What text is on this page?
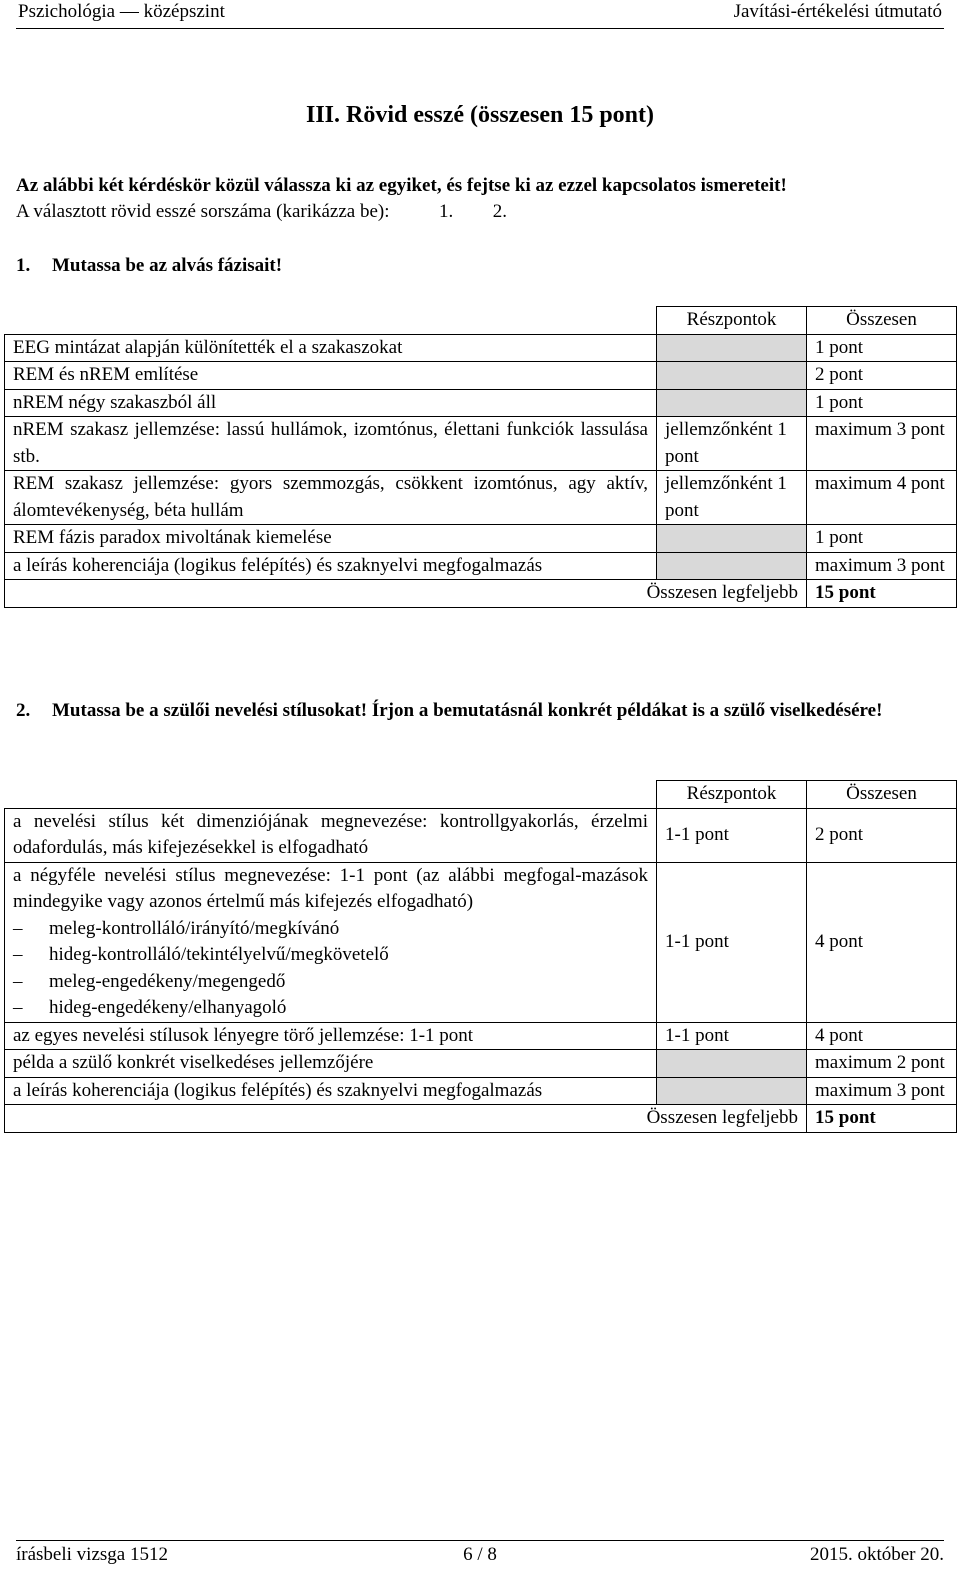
Pszichológia — középszint	Javítási-értékelési útmutató
III. Rövid esszé (összesen 15 pont)
Az alábbi két kérdéskör közül válassza ki az egyiket, és fejtse ki az ezzel kapcsolatos ismereteit!
A választott rövid esszé sorszáma (karikázza be):	1. 2.
1. Mutassa be az alvás fázisait!
	Részpontok	Összesen
EEG mintázat alapján különítették el a szakaszokat		1 pont
REM és nREM említése		2 pont
nREM négy szakaszból áll		1 pont
nREM szakasz jellemzése: lassú hullámok, izomtónus, élettani funkciók lassulása stb.	jellemzőnként 1 pont	maximum 3 pont
REM szakasz jellemzése: gyors szemmozgás, csökkent izomtónus, agy aktív, álomtevékenység, béta hullám	jellemzőnként 1 pont	maximum 4 pont
REM fázis paradox mivoltának kiemelése		1 pont
a leírás koherenciája (logikus felépítés) és szaknyelvi megfogalmazás		maximum 3 pont
Összesen legfeljebb		15 pont
2. Mutassa be a szülői nevelési stílusokat! Írjon a bemutatásnál konkrét példákat is a szülő viselkedésére!
	Részpontok	Összesen
a nevelési stílus két dimenziójának megnevezése: kontrollgyakorlás, érzelmi odafordulás, más kifejezésekkel is elfogadható	1-1 pont	2 pont

a négyféle nevelési stílus megnevezése: 1-1 pont (az alábbi megfogal-mazások mindegyike vagy azonos értelmű más kifejezés elfogadható)
– meleg-kontrolláló/irányító/megkívánó
– hideg-kontrolláló/tekintélyelvű/megkövetelő
– meleg-engedékeny/megengedő
– hideg-engedékeny/elhanyagoló	1-1 pont	4 pont
az egyes nevelési stílusok lényegre törő jellemzése: 1-1 pont	1-1 pont	4 pont
példa a szülő konkrét viselkedéses jellemzőjére		maximum 2 pont
a leírás koherenciája (logikus felépítés) és szaknyelvi megfogalmazás		maximum 3 pont
Összesen legfeljebb		15 pont
írásbeli vizsga 1512	6 / 8	2015. október 20.
